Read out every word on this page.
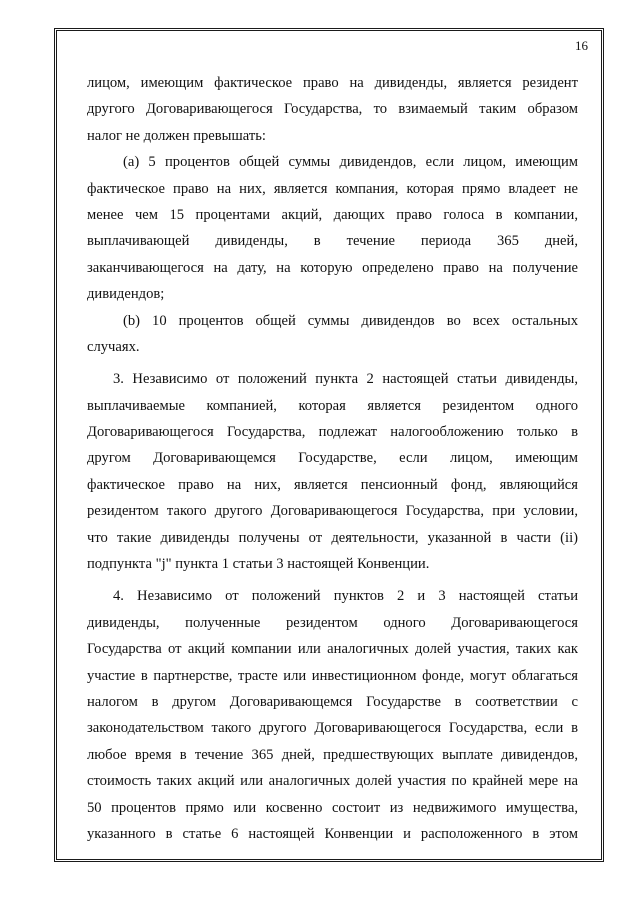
16
лицом, имеющим фактическое право на дивиденды, является резидент
другого Договаривающегося Государства, то взимаемый таким образом
налог не должен превышать:
(а) 5 процентов общей суммы дивидендов, если лицом, имеющим
фактическое право на них, является компания, которая прямо владеет не
менее чем 15 процентами акций, дающих право голоса в компании,
выплачивающей дивиденды, в течение периода 365 дней,
заканчивающегося на дату, на которую определено право на получение
дивидендов;
(b) 10 процентов общей суммы дивидендов во всех остальных
случаях.
3. Независимо от положений пункта 2 настоящей статьи дивиденды,
выплачиваемые компанией, которая является резидентом одного
Договаривающегося Государства, подлежат налогообложению только в
другом Договаривающемся Государстве, если лицом, имеющим
фактическое право на них, является пенсионный фонд, являющийся
резидентом такого другого Договаривающегося Государства, при условии,
что такие дивиденды получены от деятельности, указанной в части (ii)
подпункта "j" пункта 1 статьи 3 настоящей Конвенции.
4. Независимо от положений пунктов 2 и 3 настоящей статьи
дивиденды, полученные резидентом одного Договаривающегося
Государства от акций компании или аналогичных долей участия, таких как
участие в партнерстве, трасте или инвестиционном фонде, могут облагаться
налогом в другом Договаривающемся Государстве в соответствии с
законодательством такого другого Договаривающегося Государства, если в
любое время в течение 365 дней, предшествующих выплате дивидендов,
стоимость таких акций или аналогичных долей участия по крайней мере на
50 процентов прямо или косвенно состоит из недвижимого имущества,
указанного в статье 6 настоящей Конвенции и расположенного в этом
